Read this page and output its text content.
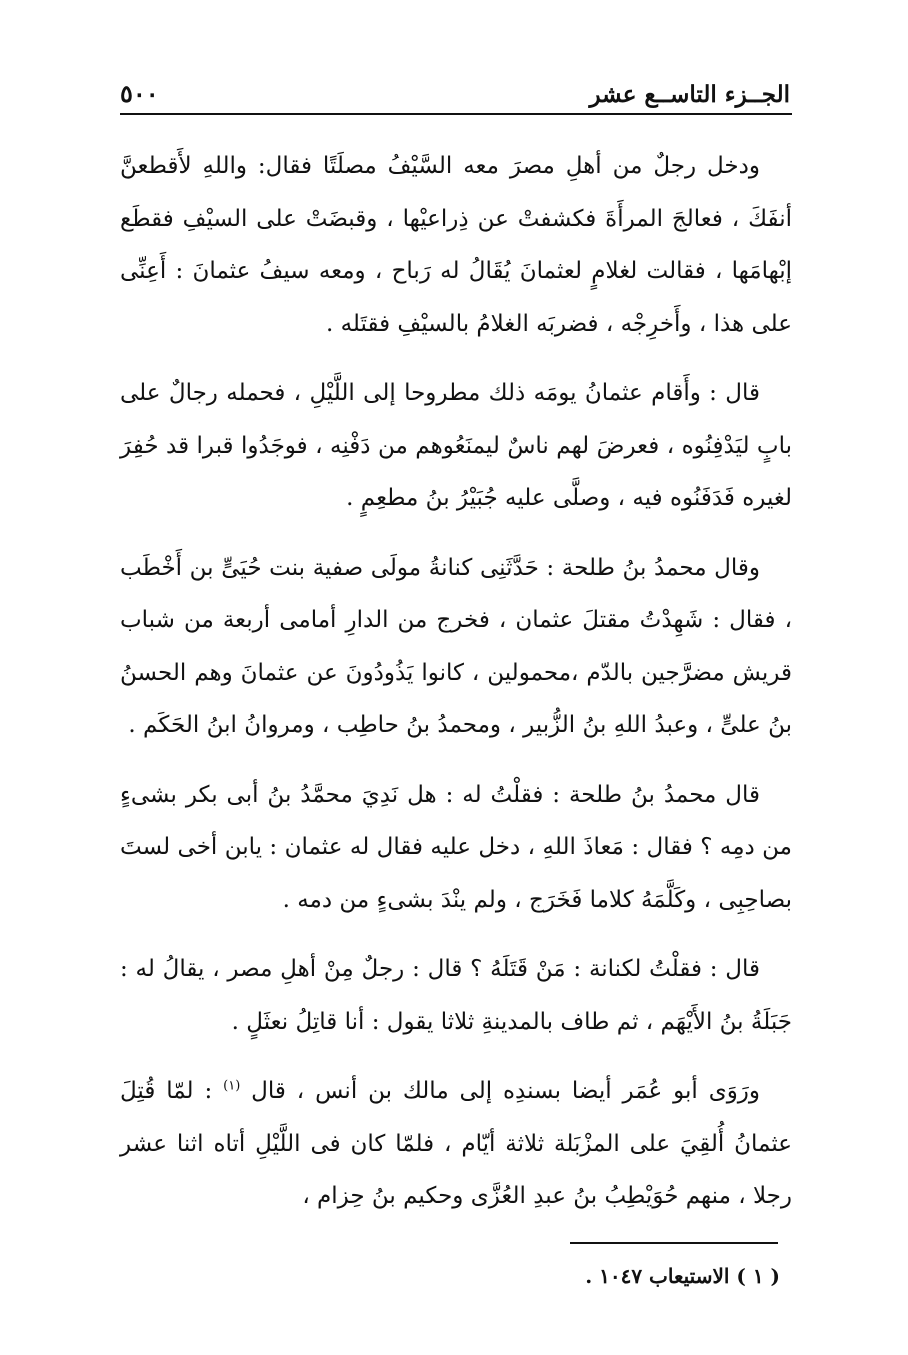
٥٠٠	الجــزء التاســع عشر

ودخل رجلٌ من أهلِ مصرَ معه السَّيْفُ مصلَتًا فقال: واللهِ لأَقطعنَّ أنفَكَ ، فعالجَ المرأَةَ فكشفتْ عن ذِراعيْها ، وقبضَتْ على السيْفِ فقطَع إبْهامَها ، فقالت لغلامٍ لعثمانَ يُقَالُ له رَباح ، ومعه سيفُ عثمانَ : أَعِنِّى على هذا ، وأَخرِجْه ، فضربَه الغلامُ بالسيْفِ فقتَله .

قال : وأَقام عثمانُ يومَه ذلك مطروحا إلى اللَّيْلِ ، فحمله رجالٌ على بابٍ ليَدْفِنُوه ، فعرضَ لهم ناسٌ ليمنَعُوهم من دَفْنِه ، فوجَدُوا قبرا قد حُفِرَ لغيره فَدَفَنُوه فيه ، وصلَّى عليه جُبَيْرُ بنُ مطعِمٍ .

وقال محمدُ بنُ طلحة : حَدَّثَنِى كنانةُ مولَى صفية بنت حُيَىٍّ بن أَخْطَب ، فقال : شَهِدْتُ مقتلَ عثمان ، فخرج من الدارِ أمامى أربعة من شباب قريش مضرَّجين بالدّم ،محمولين ، كانوا يَذُودُونَ عن عثمانَ وهم الحسنُ بنُ علىٍّ ، وعبدُ اللهِ بنُ الزُّبير ، ومحمدُ بنُ حاطِب ، ومروانُ ابنُ الحَكَم .

قال محمدُ بنُ طلحة : فقلْتُ له : هل نَدِيَ محمَّدُ بنُ أبى بكر بشىءٍ من دمِه ؟ فقال : مَعاذَ اللهِ ، دخل عليه فقال له عثمان : يابن أخى لستَ بصاحِبِى ، وكَلَّمَهُ كلاما فَخَرَج ، ولم ينْدَ بشىءٍ من دمه .

قال : فقلْتُ لكنانة : مَنْ قَتَلَهُ ؟ قال : رجلٌ مِنْ أهلِ مصر ، يقالُ له : جَبَلَةُ بنُ الأَيْهَم ، ثم طاف بالمدينةِ ثلاثا يقول : أنا قاتِلُ نعثَلٍ .

ورَوَى أبو عُمَر أيضا بسندِه إلى مالك بن أنس ، قال $^{(١)}$ : لمّا قُتِلَ عثمانُ أُلقِيَ على المزْبَلة ثلاثة أيّام ، فلمّا كان فى اللَّيْلِ أتاه اثنا عشر رجلا ، منهم حُوَيْطِبُ بنُ عبدِ العُزَّى وحكيم بنُ حِزام ،

( ١ ) الاستيعاب ١٠٤٧ .
